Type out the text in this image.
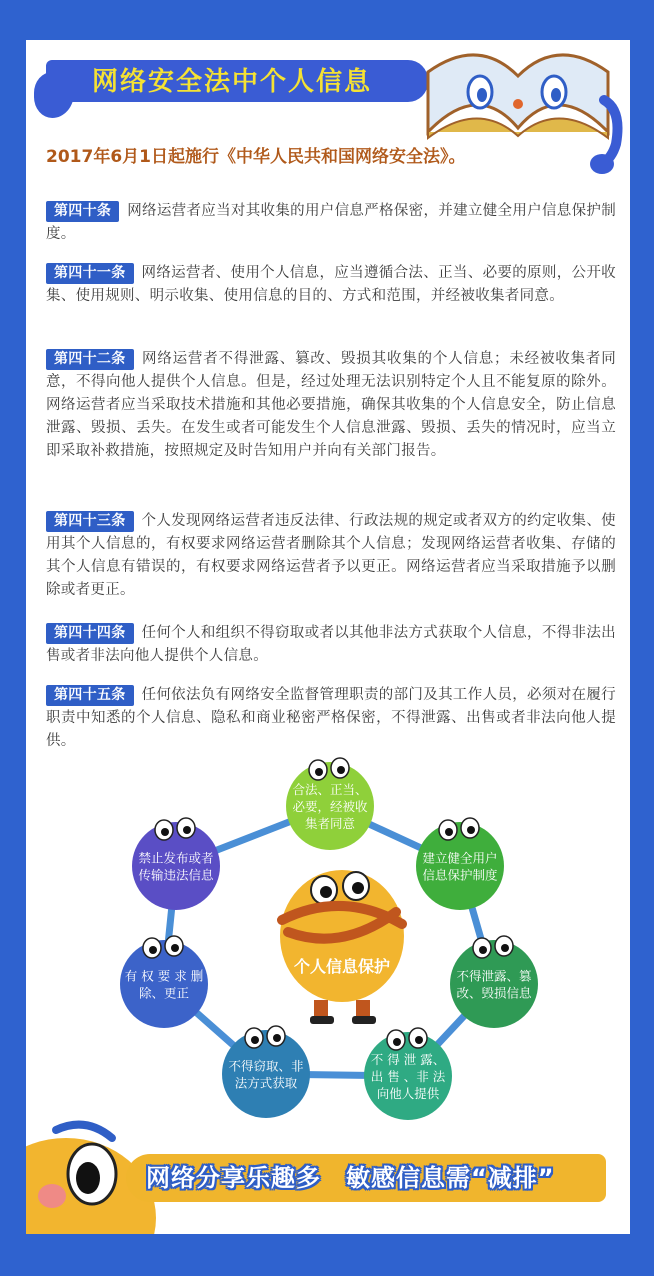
网络安全法中个人信息
2017年6月1日起施行《中华人民共和国网络安全法》。
第四十条 网络运营者应当对其收集的用户信息严格保密，并建立健全用户信息保护制度。
第四十一条 网络运营者、使用个人信息，应当遵循合法、正当、必要的原则，公开收集、使用规则、明示收集、使用信息的目的、方式和范围，并经被收集者同意。
第四十二条 网络运营者不得泄露、篡改、毁损其收集的个人信息；未经被收集者同意，不得向他人提供个人信息。但是，经过处理无法识别特定个人且不能复原的除外。网络运营者应当采取技术措施和其他必要措施，确保其收集的个人信息安全，防止信息泄露、毁损、丢失。在发生或者可能发生个人信息泄露、毁损、丢失的情况时，应当立即采取补救措施，按照规定及时告知用户并向有关部门报告。
第四十三条 个人发现网络运营者违反法律、行政法规的规定或者双方的约定收集、使用其个人信息的，有权要求网络运营者删除其个人信息；发现网络运营者收集、存储的其个人信息有错误的，有权要求网络运营者予以更正。网络运营者应当采取措施予以删除或者更正。
第四十四条 任何个人和组织不得窃取或者以其他非法方式获取个人信息，不得非法出售或者非法向他人提供个人信息。
第四十五条 任何依法负有网络安全监督管理职责的部门及其工作人员，必须对在履行职责中知悉的个人信息、隐私和商业秘密严格保密，不得泄露、出售或者非法向他人提供。
个人信息保护
合法、正当、
必要，经被收
集者同意
建立健全用户
信息保护制度
不得泄露、篡
改、毁损信息
不 得 泄 露、
出 售 、非 法
向他人提供
不得窃取、非
法方式获取
有 权 要 求 删
除、更正
禁止发布或者
传输违法信息
网络分享乐趣多　敏感信息需“减排”
